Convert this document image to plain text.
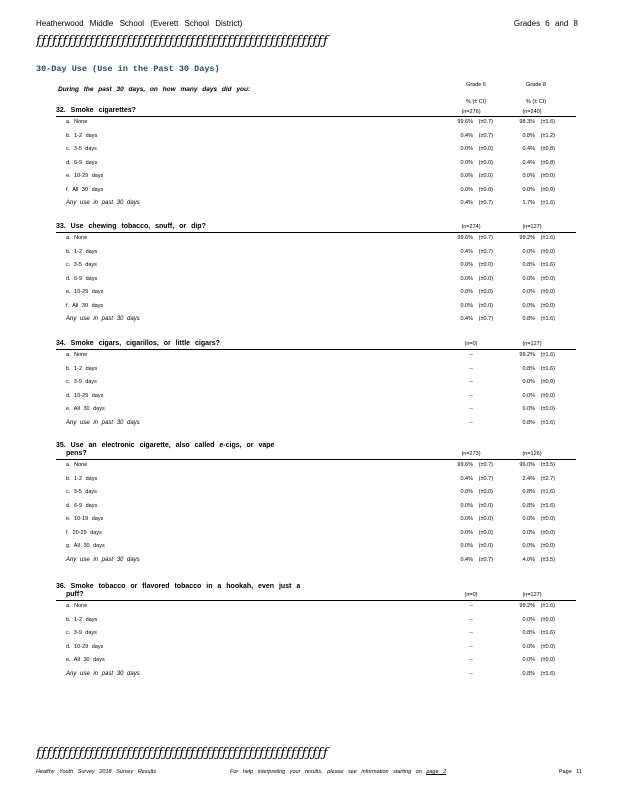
Heatherwood Middle School (Everett School District)	Grades 6 and 8
ƒƒƒƒƒƒƒƒƒƒƒƒƒƒƒƒƒƒƒƒƒƒƒƒƒƒƒƒƒƒƒƒƒƒƒƒƒƒƒƒƒƒƒƒƒƒƒƒƒƒƒƒƒƒƒ
30-Day Use (Use in the Past 30 Days)
During the past 30 days, on how many days did you:
Grade 6	Grade 8
% (± CI)	% (± CI)
32. Smoke cigarettes?	(n=276)	(n=240)
a. None	99.6%	(±0.7)	98.3%	(±1.6)
b. 1-2 days	0.4%	(±0.7)	0.8%	(±1.2)
c. 3-5 days	0.0%	(±0.0)	0.4%	(±0.8)
d. 6-9 days	0.0%	(±0.0)	0.4%	(±0.8)
e. 10-29 days	0.0%	(±0.0)	0.0%	(±0.0)
f. All 30 days	0.0%	(±0.0)	0.0%	(±0.0)
Any use in past 30 days	0.4%	(±0.7)	1.7%	(±1.6)
33. Use chewing tobacco, snuff, or dip?	(n=274)	(n=127)
a. None	99.6%	(±0.7)	99.2%	(±1.6)
b. 1-2 days	0.4%	(±0.7)	0.0%	(±0.0)
c. 3-5 days	0.0%	(±0.0)	0.8%	(±1.6)
d. 6-9 days	0.0%	(±0.0)	0.0%	(±0.0)
e. 10-29 days	0.0%	(±0.0)	0.0%	(±0.0)
f. All 30 days	0.0%	(±0.0)	0.0%	(±0.0)
Any use in past 30 days	0.4%	(±0.7)	0.8%	(±1.6)
34. Smoke cigars, cigarillos, or little cigars?	(n=0)	(n=127)
a. None	--	99.2%	(±1.6)
b. 1-2 days	--	0.8%	(±1.6)
c. 3-9 days	--	0.0%	(±0.0)
d. 10-29 days	--	0.0%	(±0.0)
e. All 30 days	--	0.0%	(±0.0)
Any use in past 30 days	--	0.8%	(±1.6)
35. Use an electronic cigarette, also called e-cigs, or vape
pens?	(n=273)	(n=126)
a. None	99.6%	(±0.7)	96.0%	(±3.5)
b. 1-2 days	0.4%	(±0.7)	2.4%	(±2.7)
c. 3-5 days	0.0%	(±0.0)	0.8%	(±1.6)
d. 6-9 days	0.0%	(±0.0)	0.8%	(±1.6)
e. 10-19 days	0.0%	(±0.0)	0.0%	(±0.0)
f. 20-29 days	0.0%	(±0.0)	0.0%	(±0.0)
g. All 30 days	0.0%	(±0.0)	0.0%	(±0.0)
Any use in past 30 days	0.4%	(±0.7)	4.0%	(±3.5)
36. Smoke tobacco or flavored tobacco in a hookah, even just a
puff?	(n=0)	(n=127)
a. None	--	99.2%	(±1.6)
b. 1-2 days	--	0.0%	(±0.0)
c. 3-9 days	--	0.8%	(±1.6)
d. 10-29 days	--	0.0%	(±0.0)
e. All 30 days	--	0.0%	(±0.0)
Any use in past 30 days	--	0.8%	(±1.6)
ƒƒƒƒƒƒƒƒƒƒƒƒƒƒƒƒƒƒƒƒƒƒƒƒƒƒƒƒƒƒƒƒƒƒƒƒƒƒƒƒƒƒƒƒƒƒƒƒƒƒƒƒƒƒƒ
Healthy Youth Survey 2018 Survey Results	For help interpreting your results, please see information starting on page 2	Page 11
